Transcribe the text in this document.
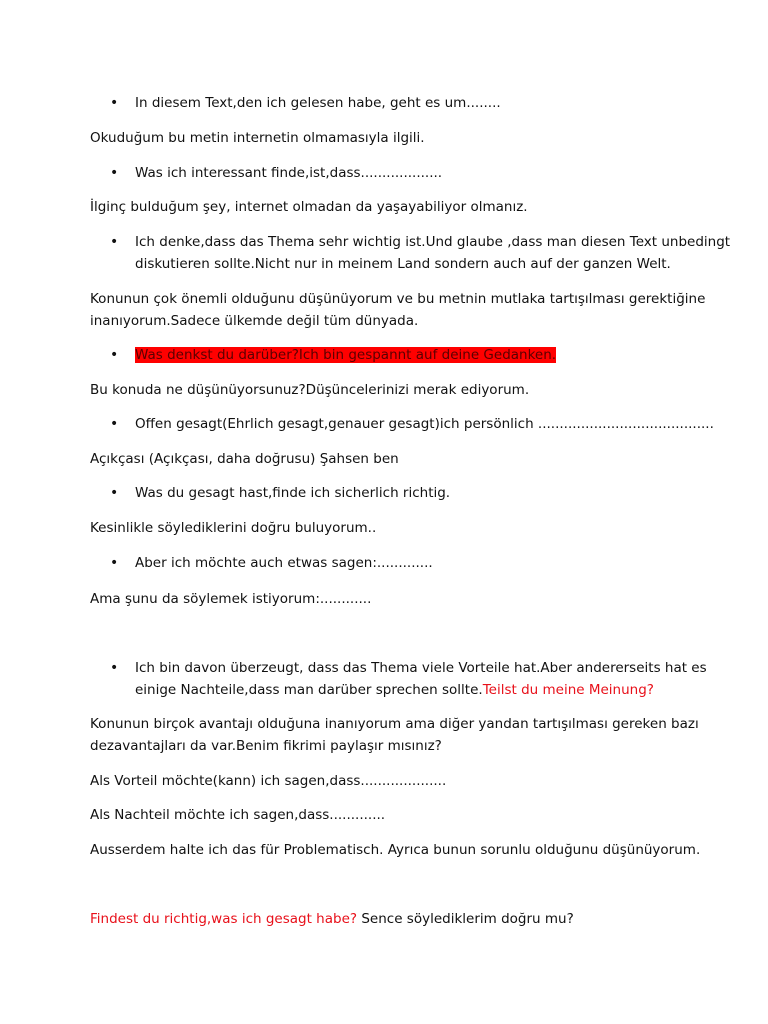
• In diesem Text,den ich gelesen habe, geht es um........
Okuduğum bu metin internetin olmamasıyla ilgili.
• Was ich interessant finde,ist,dass...................
İlginç bulduğum şey, internet olmadan da yaşayabiliyor olmanız.
• Ich denke,dass das Thema sehr wichtig ist.Und glaube ,dass man diesen Text unbedingt
diskutieren sollte.Nicht nur in meinem Land sondern auch auf der ganzen Welt.
Konunun çok önemli olduğunu düşünüyorum ve bu metnin mutlaka tartışılması gerektiğine
inanıyorum.Sadece ülkemde değil tüm dünyada.
• Was denkst du darüber?Ich bin gespannt auf deine Gedanken.
Bu konuda ne düşünüyorsunuz?Düşüncelerinizi merak ediyorum.
• Offen gesagt(Ehrlich gesagt,genauer gesagt)ich persönlich .........................................
Açıkçası (Açıkçası, daha doğrusu) Şahsen ben
• Was du gesagt hast,finde ich sicherlich richtig.
Kesinlikle söylediklerini doğru buluyorum..
• Aber ich möchte auch etwas sagen:.............
Ama şunu da söylemek istiyorum:............
• Ich bin davon überzeugt, dass das Thema viele Vorteile hat.Aber andererseits hat es
einige Nachteile,dass man darüber sprechen sollte.Teilst du meine Meinung?
Konunun birçok avantajı olduğuna inanıyorum ama diğer yandan tartışılması gereken bazı
dezavantajları da var.Benim fikrimi paylaşır mısınız?
Als Vorteil möchte(kann) ich sagen,dass....................
Als Nachteil möchte ich sagen,dass.............
Ausserdem halte ich das für Problematisch. Ayrıca bunun sorunlu olduğunu düşünüyorum.
Findest du richtig,was ich gesagt habe? Sence söylediklerim doğru mu?
